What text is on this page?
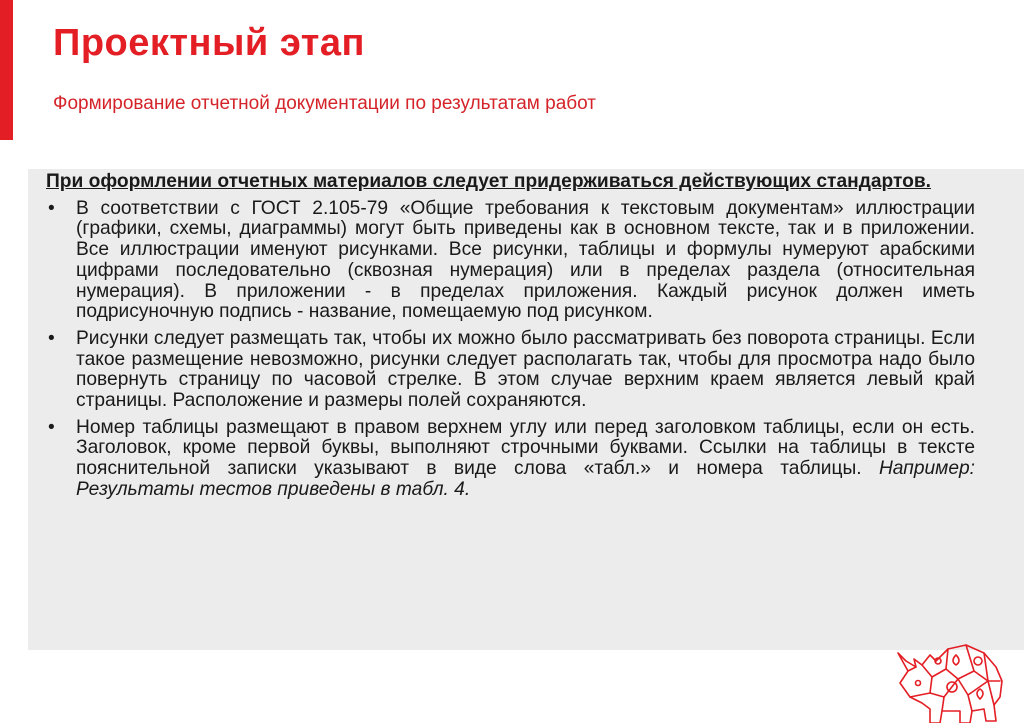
Проектный этап
Формирование отчетной документации по результатам работ

При оформлении отчетных материалов следует придерживаться действующих стандартов.

• В соответствии с ГОСТ 2.105-79 «Общие требования к текстовым документам» иллюстрации (графики, схемы, диаграммы) могут быть приведены как в основном тексте, так и в приложении. Все иллюстрации именуют рисунками. Все рисунки, таблицы и формулы нумеруют арабскими цифрами последовательно (сквозная нумерация) или в пределах раздела (относительная нумерация). В приложении - в пределах приложения. Каждый рисунок должен иметь подрисуночную подпись - название, помещаемую под рисунком.
• Рисунки следует размещать так, чтобы их можно было рассматривать без поворота страницы. Если такое размещение невозможно, рисунки следует располагать так, чтобы для просмотра надо было повернуть страницу по часовой стрелке. В этом случае верхним краем является левый край страницы. Расположение и размеры полей сохраняются.
• Номер таблицы размещают в правом верхнем углу или перед заголовком таблицы, если он есть. Заголовок, кроме первой буквы, выполняют строчными буквами. Ссылки на таблицы в тексте пояснительной записки указывают в виде слова «табл.» и номера таблицы. Например: Результаты тестов приведены в табл. 4.
